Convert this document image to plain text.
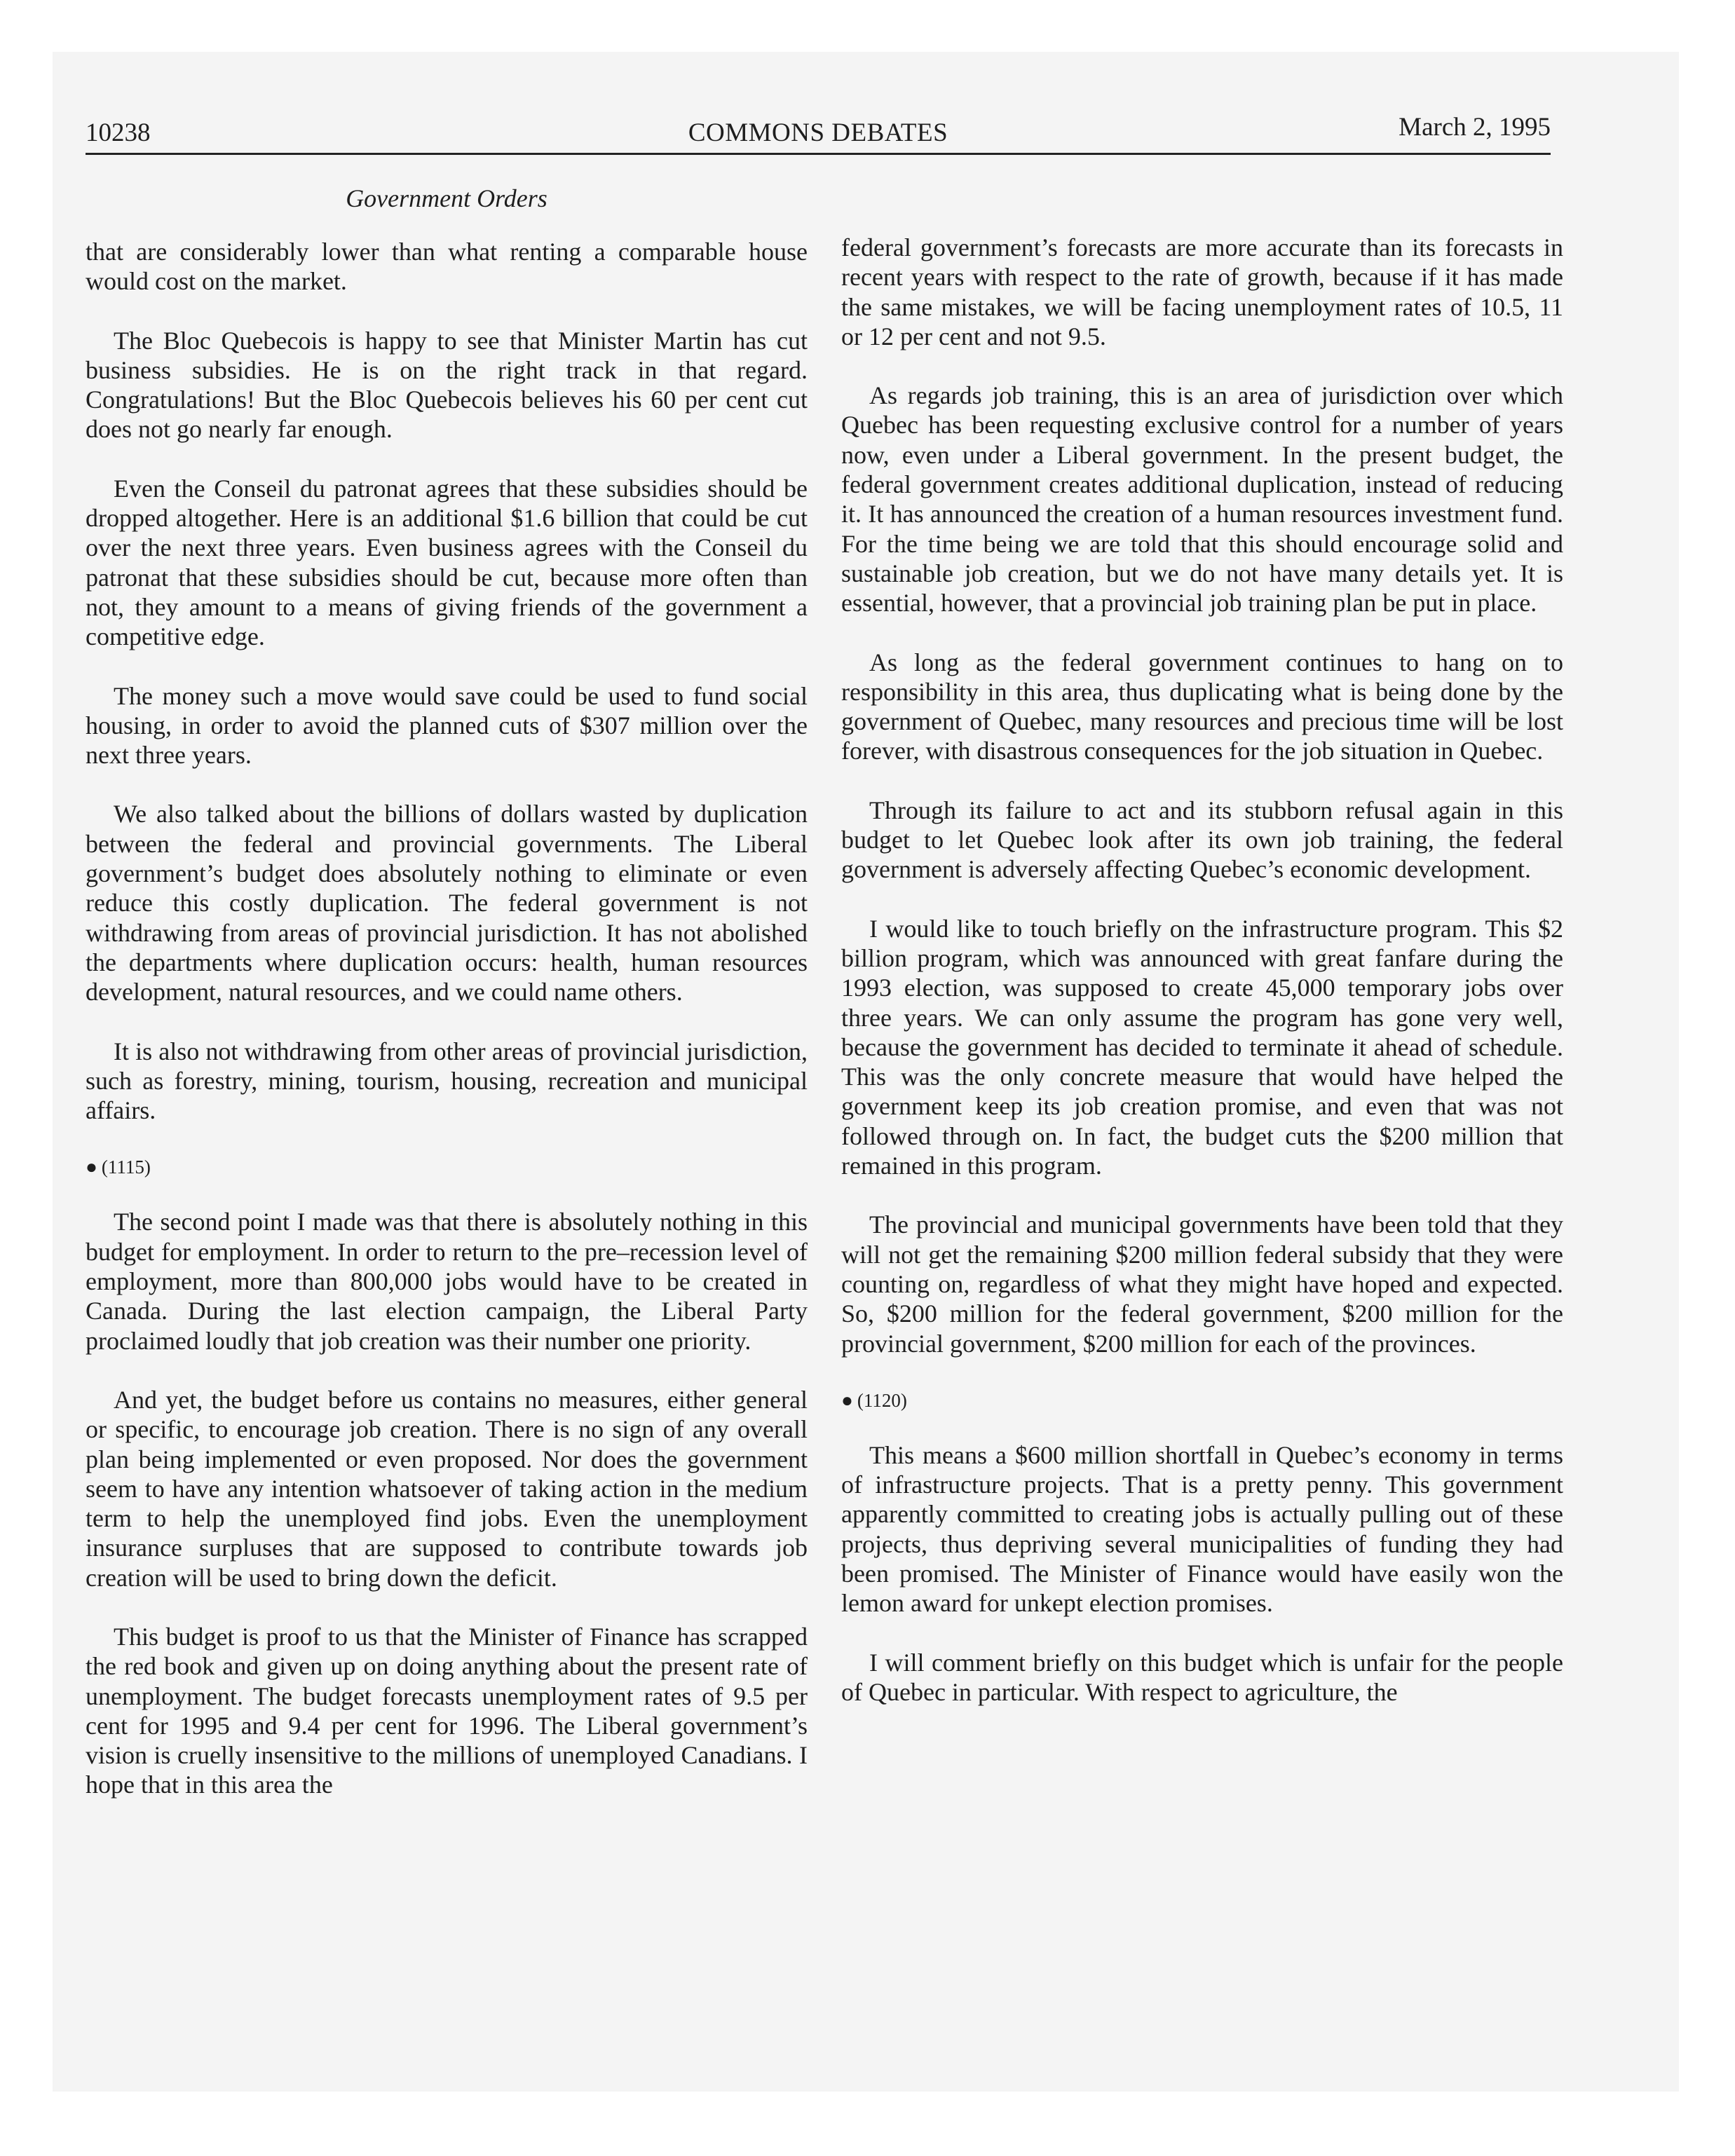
10238	COMMONS DEBATES	March 2, 1995
Government Orders

that are considerably lower than what renting a comparable house would cost on the market.

The Bloc Quebecois is happy to see that Minister Martin has cut business subsidies. He is on the right track in that regard. Congratulations! But the Bloc Quebecois believes his 60 per cent cut does not go nearly far enough.

Even the Conseil du patronat agrees that these subsidies should be dropped altogether. Here is an additional $1.6 billion that could be cut over the next three years. Even business agrees with the Conseil du patronat that these subsidies should be cut, because more often than not, they amount to a means of giving friends of the government a competitive edge.

The money such a move would save could be used to fund social housing, in order to avoid the planned cuts of $307 million over the next three years.

We also talked about the billions of dollars wasted by duplication between the federal and provincial governments. The Liberal government’s budget does absolutely nothing to eliminate or even reduce this costly duplication. The federal government is not withdrawing from areas of provincial jurisdiction. It has not abolished the departments where duplication occurs: health, human resources development, natural resources, and we could name others.

It is also not withdrawing from other areas of provincial jurisdiction, such as forestry, mining, tourism, housing, recreation and municipal affairs.

● (1115)

The second point I made was that there is absolutely nothing in this budget for employment. In order to return to the pre–recession level of employment, more than 800,000 jobs would have to be created in Canada. During the last election campaign, the Liberal Party proclaimed loudly that job creation was their number one priority.

And yet, the budget before us contains no measures, either general or specific, to encourage job creation. There is no sign of any overall plan being implemented or even proposed. Nor does the government seem to have any intention whatsoever of taking action in the medium term to help the unemployed find jobs. Even the unemployment insurance surpluses that are supposed to contribute towards job creation will be used to bring down the deficit.

This budget is proof to us that the Minister of Finance has scrapped the red book and given up on doing anything about the present rate of unemployment. The budget forecasts unemployment rates of 9.5 per cent for 1995 and 9.4 per cent for 1996. The Liberal government’s vision is cruelly insensitive to the millions of unemployed Canadians. I hope that in this area the

federal government’s forecasts are more accurate than its forecasts in recent years with respect to the rate of growth, because if it has made the same mistakes, we will be facing unemployment rates of 10.5, 11 or 12 per cent and not 9.5.

As regards job training, this is an area of jurisdiction over which Quebec has been requesting exclusive control for a number of years now, even under a Liberal government. In the present budget, the federal government creates additional duplication, instead of reducing it. It has announced the creation of a human resources investment fund. For the time being we are told that this should encourage solid and sustainable job creation, but we do not have many details yet. It is essential, however, that a provincial job training plan be put in place.

As long as the federal government continues to hang on to responsibility in this area, thus duplicating what is being done by the government of Quebec, many resources and precious time will be lost forever, with disastrous consequences for the job situation in Quebec.

Through its failure to act and its stubborn refusal again in this budget to let Quebec look after its own job training, the federal government is adversely affecting Quebec’s economic development.

I would like to touch briefly on the infrastructure program. This $2 billion program, which was announced with great fanfare during the 1993 election, was supposed to create 45,000 temporary jobs over three years. We can only assume the program has gone very well, because the government has decided to terminate it ahead of schedule. This was the only concrete measure that would have helped the government keep its job creation promise, and even that was not followed through on. In fact, the budget cuts the $200 million that remained in this program.

The provincial and municipal governments have been told that they will not get the remaining $200 million federal subsidy that they were counting on, regardless of what they might have hoped and expected. So, $200 million for the federal government, $200 million for the provincial government, $200 million for each of the provinces.

● (1120)

This means a $600 million shortfall in Quebec’s economy in terms of infrastructure projects. That is a pretty penny. This government apparently committed to creating jobs is actually pulling out of these projects, thus depriving several municipalities of funding they had been promised. The Minister of Finance would have easily won the lemon award for unkept election promises.

I will comment briefly on this budget which is unfair for the people of Quebec in particular. With respect to agriculture, the
